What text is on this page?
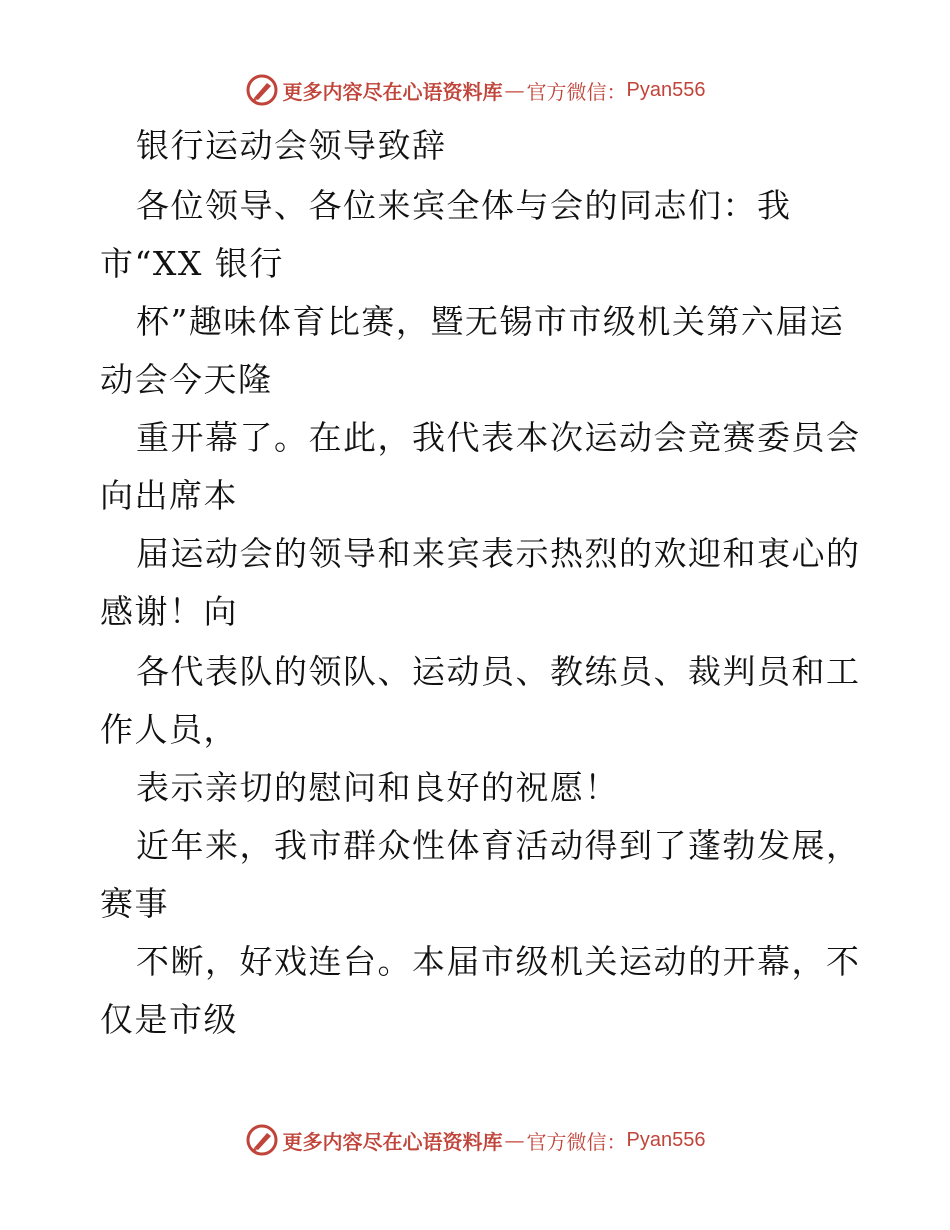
更多内容尽在心语资料库 — 官方微信： Pyan556
银行运动会领导致辞
各位领导、各位来宾全体与会的同志们：我
市“XX 银行
杯”趣味体育比赛，暨无锡市市级机关第六届运
动会今天隆
重开幕了。在此，我代表本次运动会竞赛委员会
向出席本
届运动会的领导和来宾表示热烈的欢迎和衷心的
感谢！向
各代表队的领队、运动员、教练员、裁判员和工
作人员，
表示亲切的慰问和良好的祝愿！
近年来，我市群众性体育活动得到了蓬勃发展，
赛事
不断，好戏连台。本届市级机关运动的开幕，不
仅是市级
更多内容尽在心语资料库 — 官方微信： Pyan556
